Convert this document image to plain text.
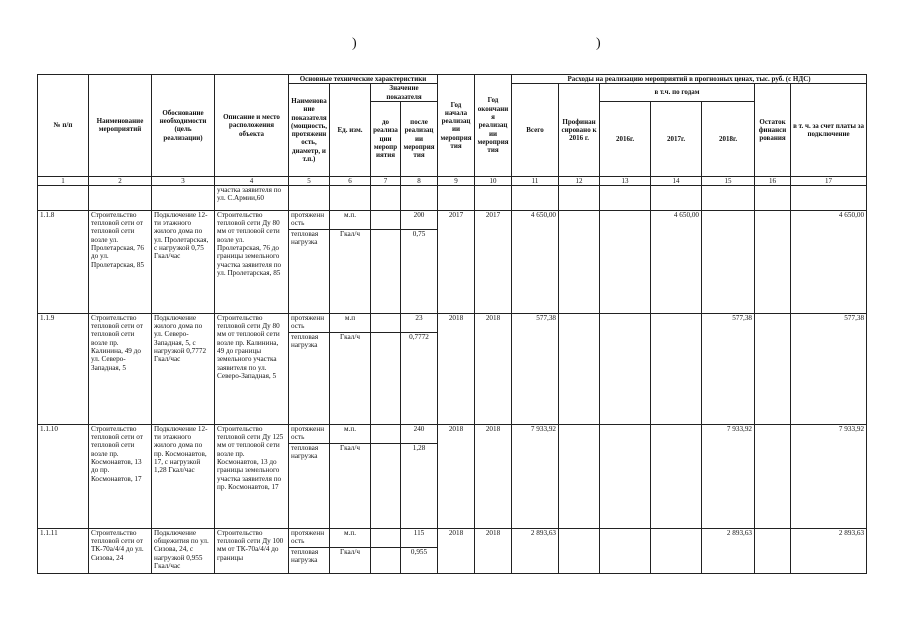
)	)
№ п/п	Наименование мероприятий	Обоснование необходимости (цель реализации)	Описание и место расположения объекта	Основные технические характеристики				Год начала реализации мероприятия	Год окончания реализации мероприятия	Расходы на реализацию мероприятий в прогнозных ценах, тыс. руб. (с НДС)						
				Наименование показателя (мощность, протяженность, диаметр, и т.п.)	Ед. изм.	Значение показателя				Всего	Профинансировано к 2016 г.	в т.ч. по годам			Остаток финансирования	в т. ч. за счет платы за подключение
						до реализации мероприятия	после реализации мероприятия					2016г.	2017г.	2018г.		
1	2	3	4	5	6	7	8	9	10	11	12	13	14	15	16	17
			участка заявителя по ул. С.Армии,60													
1.1.8	Строительство тепловой сети от тепловой сети возле ул. Пролетарская, 76 до ул. Пролетарская, 85	Подключение 12-ти этажного жилого дома по ул. Пролетарская, с нагрузкой 0,75 Гкал/час	Строительство тепловой сети Ду 80 мм от тепловой сети возле ул. Пролетарская, 76 до границы земельного участка заявителя по ул. Пролетарская, 85	протяженность	м.п.		200	2017	2017	4 650,00			4 650,00			4 650,00
				тепловая нагрузка	Гкал/ч		0,75									
1.1.9	Строительство тепловой сети от тепловой сети возле пр. Калинина, 49 до ул. Северо-Западная, 5	Подключение жилого дома по ул. Северо-Западная, 5, с нагрузкой 0,7772 Гкал/час	Строительство тепловой сети Ду 80 мм от тепловой сети возле пр. Калинина, 49 до границы земельного участка заявителя по ул. Северо-Западная, 5	протяженность	м.п		23	2018	2018	577,38				577,38		577,38
				тепловая нагрузка	Гкал/ч		0,7772									
1.1.10	Строительство тепловой сети от тепловой сети возле пр. Космонавтов, 13 до пр. Космонавтов, 17	Подключение 12-ти этажного жилого дома по пр. Космонавтов, 17, с нагрузкой 1,28 Гкал/час	Строительство тепловой сети Ду 125 мм от тепловой сети возле пр. Космонавтов, 13 до границы земельного участка заявителя по пр. Космонавтов, 17	протяженность	м.п.		240	2018	2018	7 933,92				7 933,92		7 933,92
				тепловая нагрузка	Гкал/ч		1,28									
1.1.11	Строительство тепловой сети от ТК-70а/4/4 до ул. Сизова, 24	Подключение общежития по ул. Сизова, 24, с нагрузкой 0,955 Гкал/час	Строительство тепловой сети Ду 100 мм от ТК-70а/4/4 до границы	протяженность	м.п.		115	2018	2018	2 893,63				2 893,63		2 893,63
				тепловая нагрузка	Гкал/ч		0,955									
